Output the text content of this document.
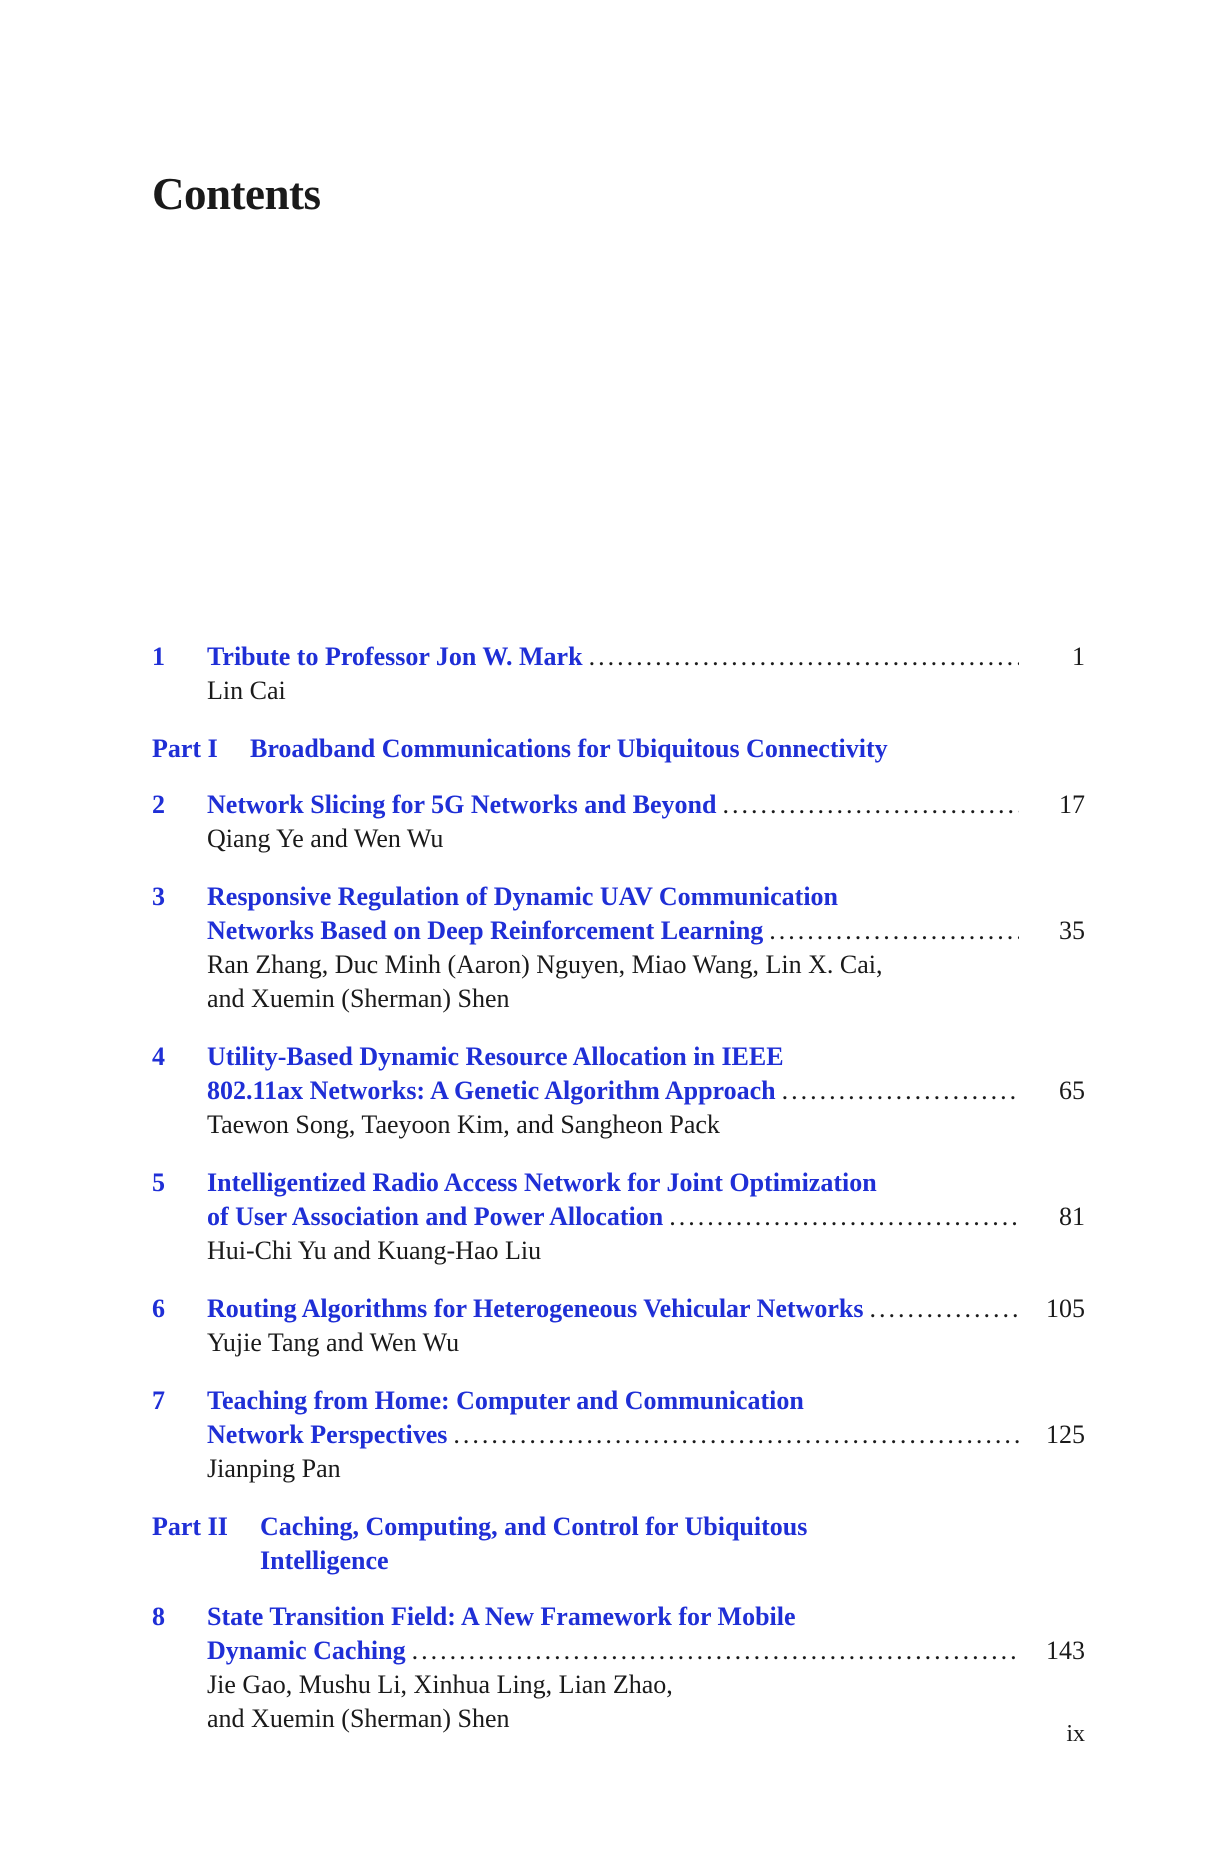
Contents
1 Tribute to Professor Jon W. Mark .....	1
Lin Cai
Part I Broadband Communications for Ubiquitous Connectivity
2 Network Slicing for 5G Networks and Beyond .....	17
Qiang Ye and Wen Wu
3 Responsive Regulation of Dynamic UAV Communication
Networks Based on Deep Reinforcement Learning .....	35
Ran Zhang, Duc Minh (Aaron) Nguyen, Miao Wang, Lin X. Cai,
and Xuemin (Sherman) Shen
4 Utility-Based Dynamic Resource Allocation in IEEE
802.11ax Networks: A Genetic Algorithm Approach .....	65
Taewon Song, Taeyoon Kim, and Sangheon Pack
5 Intelligentized Radio Access Network for Joint Optimization
of User Association and Power Allocation .....	81
Hui-Chi Yu and Kuang-Hao Liu
6 Routing Algorithms for Heterogeneous Vehicular Networks .....	105
Yujie Tang and Wen Wu
7 Teaching from Home: Computer and Communication
Network Perspectives .....	125
Jianping Pan
Part II Caching, Computing, and Control for Ubiquitous
Intelligence
8 State Transition Field: A New Framework for Mobile
Dynamic Caching .....	143
Jie Gao, Mushu Li, Xinhua Ling, Lian Zhao,
and Xuemin (Sherman) Shen
ix
